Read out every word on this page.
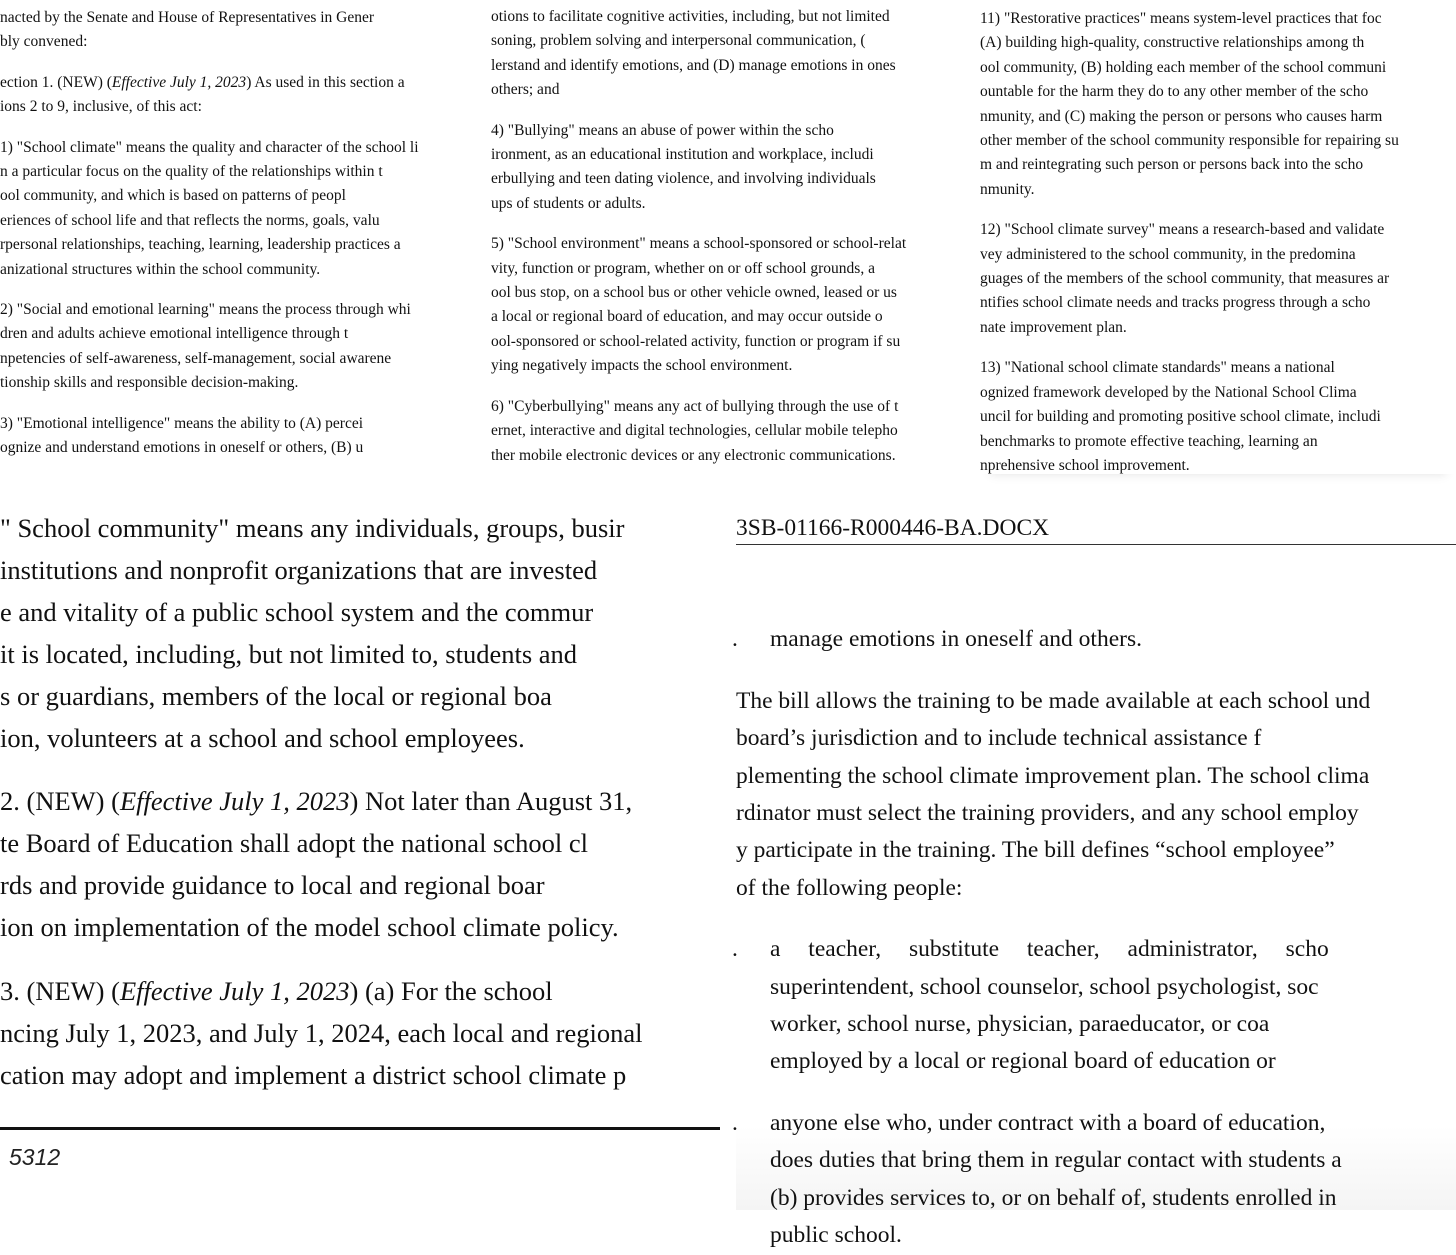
nacted by the Senate and House of Representatives in Gener

bly convened:

ection 1. (NEW) (Effective July 1, 2023) As used in this section a

ions 2 to 9, inclusive, of this act:

1) "School climate" means the quality and character of the school li

n a particular focus on the quality of the relationships within t

ool community, and which is based on patterns of peopl

eriences of school life and that reflects the norms, goals, valu

rpersonal relationships, teaching, learning, leadership practices a

anizational structures within the school community.

2) "Social and emotional learning" means the process through whi

dren and adults achieve emotional intelligence through t

npetencies of self-awareness, self-management, social awarene

tionship skills and responsible decision-making.

3) "Emotional intelligence" means the ability to (A) percei

ognize and understand emotions in oneself or others, (B) u

otions to facilitate cognitive activities, including, but not limited

soning, problem solving and interpersonal communication, (

lerstand and identify emotions, and (D) manage emotions in ones

others; and

4) "Bullying" means an abuse of power within the scho

ironment, as an educational institution and workplace, includi

erbullying and teen dating violence, and involving individuals

ups of students or adults.

5) "School environment" means a school-sponsored or school-relat

vity, function or program, whether on or off school grounds, a

ool bus stop, on a school bus or other vehicle owned, leased or us

a local or regional board of education, and may occur outside o

ool-sponsored or school-related activity, function or program if su

ying negatively impacts the school environment.

6) "Cyberbullying" means any act of bullying through the use of t

ernet, interactive and digital technologies, cellular mobile telepho

ther mobile electronic devices or any electronic communications.

11) "Restorative practices" means system-level practices that foc

(A) building high-quality, constructive relationships among th

ool community, (B) holding each member of the school communi

ountable for the harm they do to any other member of the scho

nmunity, and (C) making the person or persons who causes harm

other member of the school community responsible for repairing su

m and reintegrating such person or persons back into the scho

nmunity.

12) "School climate survey" means a research-based and validate

vey administered to the school community, in the predomina

guages of the members of the school community, that measures ar

ntifies school climate needs and tracks progress through a scho

nate improvement plan.

13) "National school climate standards" means a national

ognized framework developed by the National School Clima

uncil for building and promoting positive school climate, includi

benchmarks to promote effective teaching, learning an

nprehensive school improvement.

" School community" means any individuals, groups, busir

institutions and nonprofit organizations that are invested

e and vitality of a public school system and the commur

it is located, including, but not limited to, students and

s or guardians, members of the local or regional boa

ion, volunteers at a school and school employees.

2. (NEW) (Effective July 1, 2023) Not later than August 31,

te Board of Education shall adopt the national school cl

rds and provide guidance to local and regional boar

ion on implementation of the model school climate policy.

3. (NEW) (Effective July 1, 2023) (a) For the school

ncing July 1, 2023, and July 1, 2024, each local and regional

cation may adopt and implement a district school climate p

5312

3SB-01166-R000446-BA.DOCX

. manage emotions in oneself and others.

The bill allows the training to be made available at each school und

board’s jurisdiction and to include technical assistance f

plementing the school climate improvement plan. The school clima

rdinator must select the training providers, and any school employ

y participate in the training. The bill defines “school employee”

of the following people:

. a teacher, substitute teacher, administrator, scho

superintendent, school counselor, school psychologist, soc

worker, school nurse, physician, paraeducator, or coa

employed by a local or regional board of education or

. anyone else who, under contract with a board of education,

does duties that bring them in regular contact with students a

(b) provides services to, or on behalf of, students enrolled in

public school.
